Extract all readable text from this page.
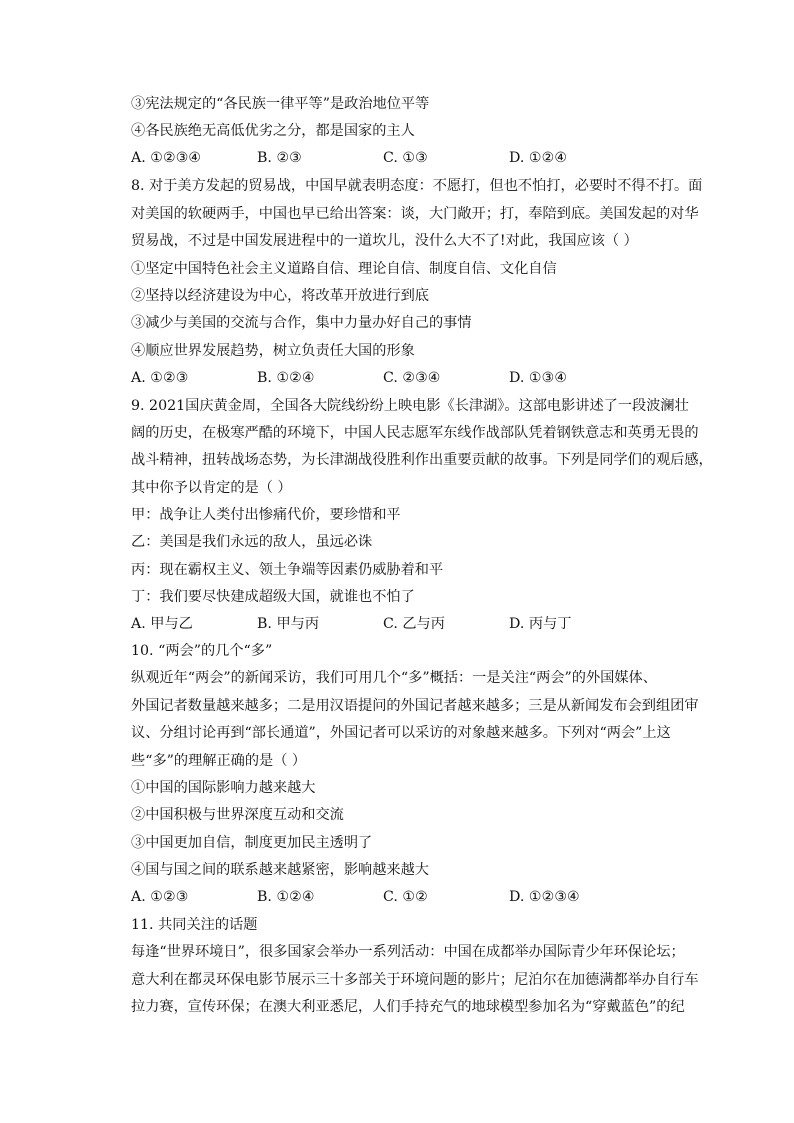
③宪法规定的“各民族一律平等”是政治地位平等
④各民族绝无高低优劣之分，都是国家的主人
A. ①②③④	B. ②③	C. ①③	D. ①②④
8. 对于美方发起的贸易战，中国早就表明态度：不愿打，但也不怕打，必要时不得不打。面
对美国的软硬两手，中国也早已给出答案：谈，大门敞开；打，奉陪到底。美国发起的对华
贸易战，不过是中国发展进程中的一道坎儿，没什么大不了!对此，我国应该（ ）
①坚定中国特色社会主义道路自信、理论自信、制度自信、文化自信
②坚持以经济建设为中心，将改革开放进行到底
③减少与美国的交流与合作，集中力量办好自己的事情
④顺应世界发展趋势，树立负责任大国的形象
A. ①②③	B. ①②④	C. ②③④	D. ①③④
9. 2021国庆黄金周，全国各大院线纷纷上映电影《长津湖》。这部电影讲述了一段波澜壮
阔的历史，在极寒严酷的环境下，中国人民志愿军东线作战部队凭着钢铁意志和英勇无畏的
战斗精神，扭转战场态势，为长津湖战役胜利作出重要贡献的故事。下列是同学们的观后感，
其中你予以肯定的是（ ）
甲：战争让人类付出惨痛代价，要珍惜和平
乙：美国是我们永远的敌人，虽远必诛
丙：现在霸权主义、领土争端等因素仍威胁着和平
丁：我们要尽快建成超级大国，就谁也不怕了
A. 甲与乙	B. 甲与丙	C. 乙与丙	D. 丙与丁
10. “两会”的几个“多”
纵观近年“两会”的新闻采访，我们可用几个“多”概括：一是关注“两会”的外国媒体、
外国记者数量越来越多；二是用汉语提问的外国记者越来越多；三是从新闻发布会到组团审
议、分组讨论再到“部长通道”，外国记者可以采访的对象越来越多。下列对“两会”上这
些“多”的理解正确的是（ ）
①中国的国际影响力越来越大
②中国积极与世界深度互动和交流
③中国更加自信，制度更加民主透明了
④国与国之间的联系越来越紧密，影响越来越大
A. ①②③	B. ①②④	C. ①②	D. ①②③④
11. 共同关注的话题
每逢“世界环境日”，很多国家会举办一系列活动：中国在成都举办国际青少年环保论坛；
意大利在都灵环保电影节展示三十多部关于环境问题的影片；尼泊尔在加德满都举办自行车
拉力赛，宣传环保；在澳大利亚悉尼，人们手持充气的地球模型参加名为“穿戴蓝色”的纪
